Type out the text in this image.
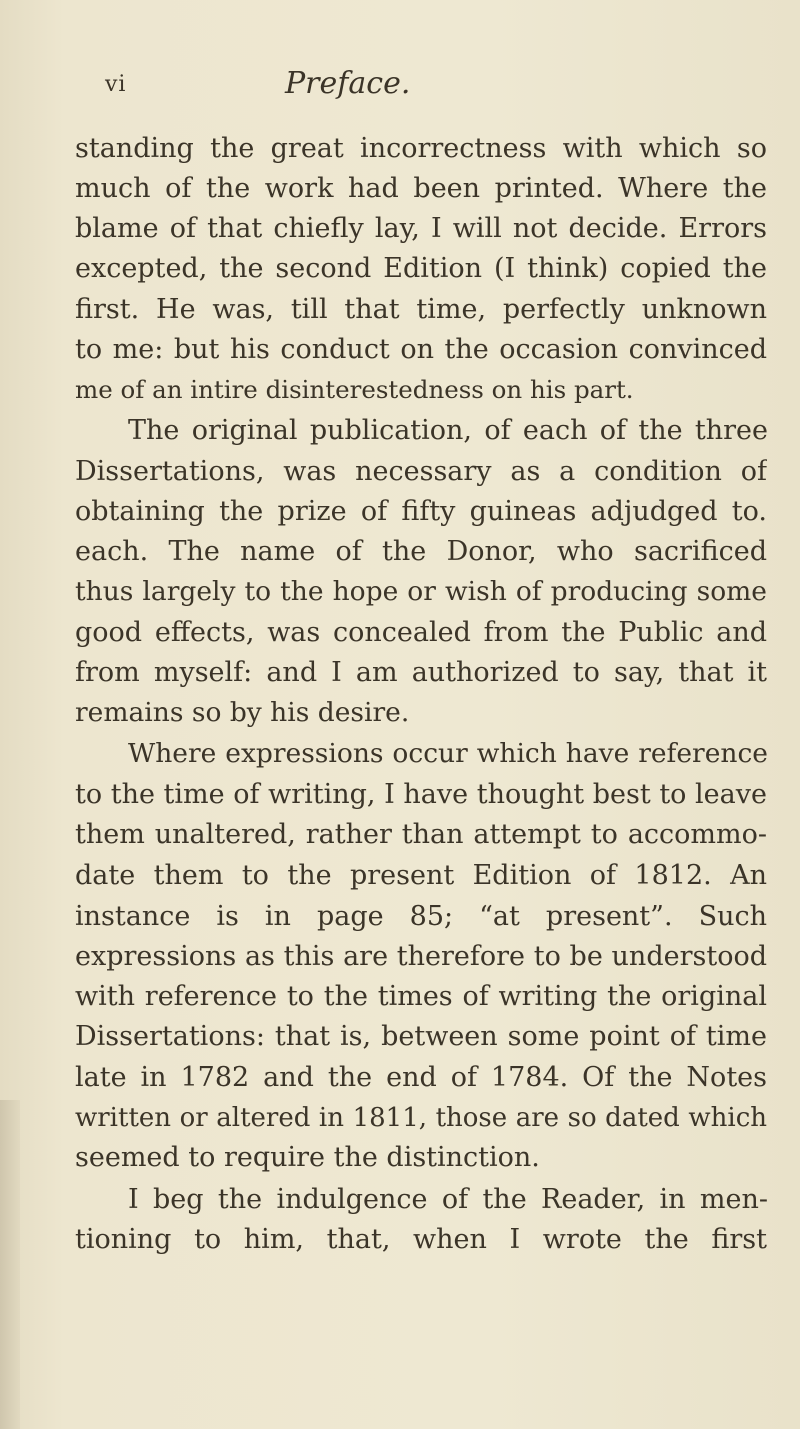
vi	Preface.
standing the great incorrectness with which so
much of the work had been printed. Where the
blame of that chiefly lay, I will not decide. Errors
excepted, the second Edition (I think) copied the
first. He was, till that time, perfectly unknown
to me: but his conduct on the occasion convinced
me of an intire disinterestedness on his part.
The original publication, of each of the three
Dissertations, was necessary as a condition of
obtaining the prize of fifty guineas adjudged to.
each. The name of the Donor, who sacrificed
thus largely to the hope or wish of producing some
good effects, was concealed from the Public and
from myself: and I am authorized to say, that it
remains so by his desire.
Where expressions occur which have reference
to the time of writing, I have thought best to leave
them unaltered, rather than attempt to accommo-
date them to the present Edition of 1812. An
instance is in page 85; “at present”. Such
expressions as this are therefore to be understood
with reference to the times of writing the original
Dissertations: that is, between some point of time
late in 1782 and the end of 1784. Of the Notes
written or altered in 1811, those are so dated which
seemed to require the distinction.
I beg the indulgence of the Reader, in men-
tioning to him, that, when I wrote the first
